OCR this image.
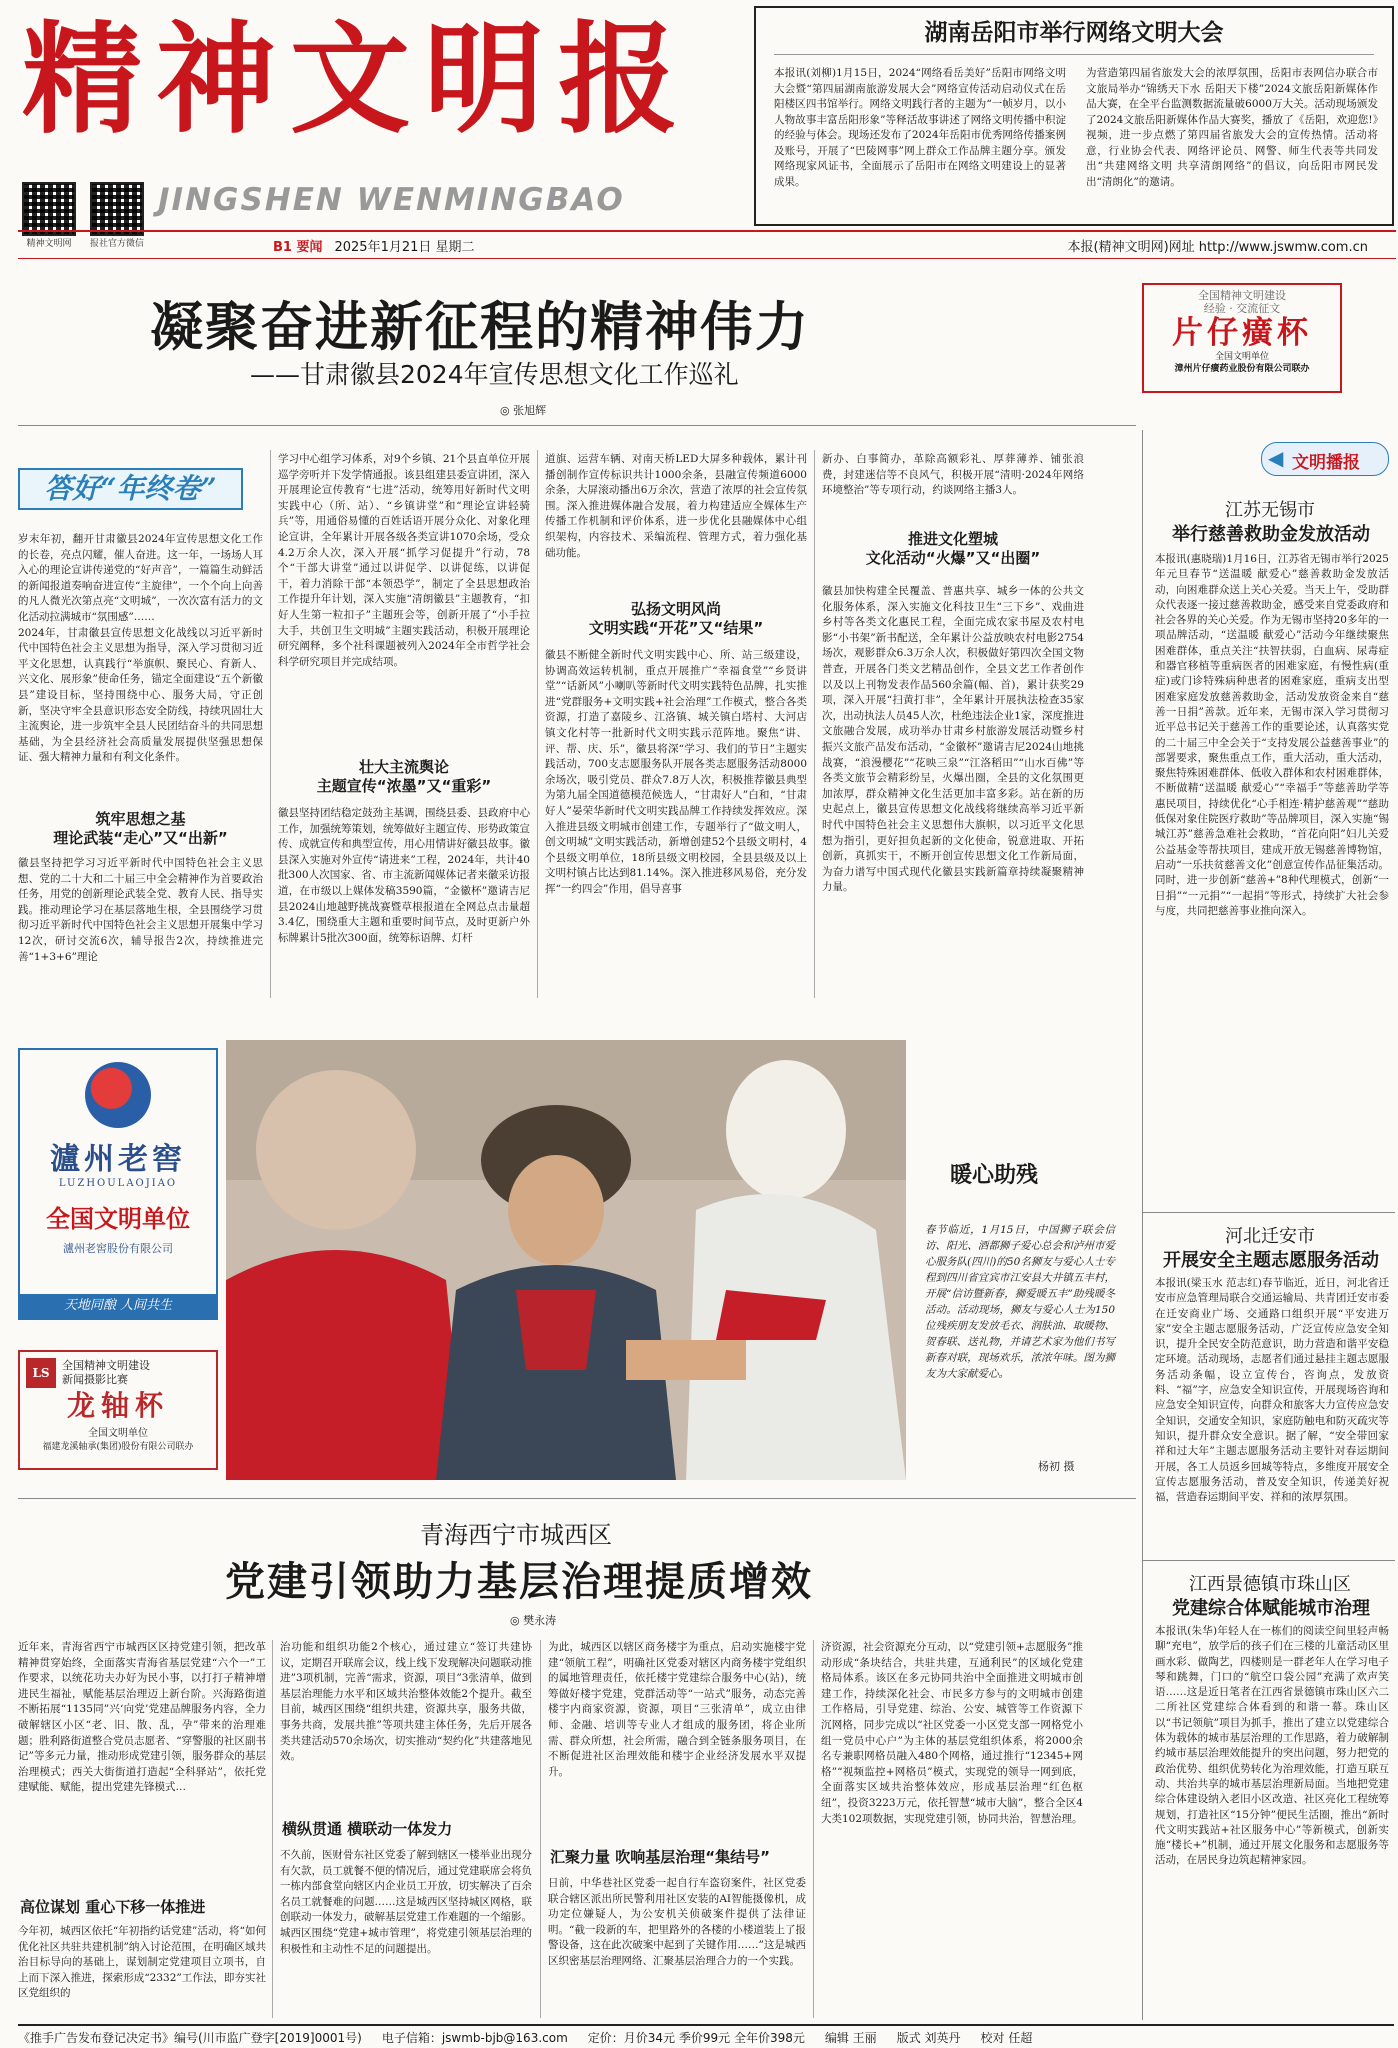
精神文明报
精神文明网	报社官方微信
JINGSHEN WENMINGBAO
湖南岳阳市举行网络文明大会
本报讯(刘柳)1月15日，2024“网络看岳美好”岳阳市网络文明大会暨“第四届湖南旅游发展大会”网络宣传活动启动仪式在岳阳楼区四书馆举行。网络文明践行者的主题为“一帧岁月，以小人物故事丰富岳阳形象”等释活故事讲述了网络文明传播中积淀的经验与体会。现场还发布了2024年岳阳市优秀网络传播案例及账号，开展了“巴陵网事”网上群众工作品牌主题分享。颁发网络现家风证书，全面展示了岳阳市在网络文明建设上的显著成果。
为营造第四届省旅发大会的浓厚氛围，岳阳市表网信办联合市文旅局举办“锦绣天下水 岳阳天下楼”2024文旅岳阳新媒体作品大赛，在全平台监测数据流量破6000万大关。活动现场颁发了2024文旅岳阳新媒体作品大赛奖，播放了《岳阳，欢迎您!》视频，进一步点燃了第四届省旅发大会的宣传热情。活动将意，行业协会代表、网络评论员、网警、师生代表等共同发出“共建网络文明 共享清朗网络”的倡议，向岳阳市网民发出“清朗化”的邀请。
B1 要闻 2025年1月21日 星期二	本报(精神文明网)网址 http://www.jswmw.com.cn
凝聚奋进新征程的精神伟力
——甘肃徽县2024年宣传思想文化工作巡礼
◎ 张旭辉
答好“年终卷”
岁末年初，翻开甘肃徽县2024年宣传思想文化工作的长卷，亮点闪耀，催人奋进。这一年，一场场人耳入心的理论宣讲传递党的“好声音”，一篇篇生动鲜活的新闻报道奏响奋进宣传“主旋律”，一个个向上向善的凡人微光次第点亮“文明城”，一次次富有活力的文化活动拉满城市“氛围感”……
2024年，甘肃徽县宣传思想文化战线以习近平新时代中国特色社会主义思想为指导，深入学习贯彻习近平文化思想，认真践行“举旗帜、聚民心、育新人、兴文化、展形象”使命任务，锚定全面建设“五个新徽县”建设目标，坚持围绕中心、服务大局，守正创新，坚决守牢全县意识形态安全防线，持续巩固壮大主流舆论，进一步筑牢全县人民团结奋斗的共同思想基础，为全县经济社会高质量发展提供坚强思想保证、强大精神力量和有利文化条件。
筑牢思想之基
理论武装“走心”又“出新”
徽县坚持把学习习近平新时代中国特色社会主义思想、党的二十大和二十届三中全会精神作为首要政治任务，用党的创新理论武装全党、教育人民、指导实践。推动理论学习在基层落地生根，全县围绕学习贯彻习近平新时代中国特色社会主义思想开展集中学习12次，研讨交流6次，辅导报告2次，持续推进完善“1+3+6”理论
学习中心组学习体系，对9个乡镇、21个县直单位开展巡学旁听并下发学情通报。该县组建县委宣讲团，深入开展理论宣传教育“七进”活动，统筹用好新时代文明实践中心（所、站）、“乡镇讲堂”和“理论宣讲轻骑兵”等，用通俗易懂的百姓话语开展分众化、对象化理论宣讲，全年累计开展各级各类宣讲1070余场，受众4.2万余人次，深入开展“抓学习促提升”行动，78个“干部大讲堂”通过以讲促学、以讲促练，以讲促干，着力消除干部“本领恐学”，制定了全县思想政治工作提升年计划，深入实施“清朗徽县”主题教育，“扣好人生第一粒扣子”主题班会等，创新开展了“小手拉大手，共创卫生文明城”主题实践活动，积极开展理论研究阐释，多个社科课题被列入2024年全市哲学社会科学研究项目并完成结项。
壮大主流舆论
主题宣传“浓墨”又“重彩”
徽县坚持团结稳定鼓劲主基调，围绕县委、县政府中心工作，加强统筹策划，统筹做好主题宣传、形势政策宣传、成就宣传和典型宣传，用心用情讲好徽县故事。徽县深入实施对外宣传“请进来”工程，2024年，共计40批300人次国家、省、市主流新闻媒体记者来徽采访报道，在市级以上媒体发稿3590篇，“金徽杯”邀请吉尼县2024山地越野挑战赛暨草根报道在全网总点击量超3.4亿，围绕重大主题和重要时间节点，及时更新户外标牌累计5批次300面，统筹标语牌、灯杆
道旗、运营车辆、对南天桥LED大屏多种载体，累计刊播创制作宣传标识共计1000余条，县融宣传频道6000余条，大屏滚动播出6万余次，营造了浓厚的社会宣传氛围。深入推进媒体融合发展，着力构建适应全媒体生产传播工作机制和评价体系，进一步优化县融媒体中心组织架构，内容技术、采编流程、管理方式，着力强化基础功能。
弘扬文明风尚
文明实践“开花”又“结果”
徽县不断健全新时代文明实践中心、所、站三级建设，协调高效运转机制，重点开展推广“幸福食堂”“乡贤讲堂”“话新风”小喇叭等新时代文明实践特色品牌，扎实推进“党群服务+文明实践+社会治理”工作模式，整合各类资源，打造了嘉陵乡、江洛镇、城关镇白塔村、大河店镇文化村等一批新时代文明实践示范阵地。聚焦“讲、评、帮、庆、乐”，徽县将深“学习、我们的节日”主题实践活动，700支志愿服务队开展各类志愿服务活动8000余场次，吸引党员、群众7.8万人次，积极推荐徽县典型为第九届全国道德模范候选人，“甘肃好人”白和，“甘肃好人”晏荣华新时代文明实践品牌工作持续发挥效应。深入推进县级文明城市创建工作，专题举行了“做文明人，创文明城”文明实践活动，新增创建52个县级文明村，4个县级文明单位，18所县级文明校园，全县县级及以上文明村镇占比达到81.14%。深入推进移风易俗，充分发挥“一约四会”作用，倡导喜事
新办、白事简办，革除高额彩礼、厚葬薄养、铺张浪费，封建迷信等不良风气，积极开展“清明·2024年网络环境整治”等专项行动，约谈网络主播3人。
推进文化塑城
文化活动“火爆”又“出圈”
徽县加快构建全民覆盖、普惠共享、城乡一体的公共文化服务体系，深入实施文化科技卫生“三下乡”、戏曲进乡村等各类文化惠民工程，全面完成农家书屋及农村电影“小书架”新书配送，全年累计公益放映农村电影2754场次，观影群众6.3万余人次，积极做好第四次全国文物普查，开展各门类文艺精品创作，全县文艺工作者创作以及以上刊物发表作品560余篇(幅、首)，累计获奖29项，深入开展“扫黄打非”，全年累计开展执法检查35家次，出动执法人员45人次，杜绝违法企业1家，深度推进文旅融合发展，成功举办甘肃乡村旅游发展活动暨乡村振兴文旅产品发布活动，“金徽杯”邀请吉尼2024山地挑战赛，“浪漫樱花”“花映三泉”“江洛稻田”“山水百佛”等各类文旅节会精彩纷呈，火爆出圈，全县的文化氛围更加浓厚，群众精神文化生活更加丰富多彩。站在新的历史起点上，徽县宣传思想文化战线将继续高举习近平新时代中国特色社会主义思想伟大旗帜，以习近平文化思想为指引，更好担负起新的文化使命，锐意进取、开拓创新，真抓实干，不断开创宣传思想文化工作新局面，为奋力谱写中国式现代化徽县实践新篇章持续凝聚精神力量。
全国精神文明建设
经验 · 交流征文
片仔癀杯
全国文明单位
漳州片仔癀药业股份有限公司联办
◀ 文明播报
江苏无锡市
举行慈善救助金发放活动
本报讯(惠晓瑞)1月16日，江苏省无锡市举行2025年元旦春节“送温暖 献爱心”慈善救助金发放活动，向困难群众送上关心关爱。当天上午，受助群众代表逐一接过慈善救助金，感受来自党委政府和社会各界的关心关爱。作为无锡市坚持20多年的一项品牌活动，“送温暖 献爱心”活动今年继续聚焦困难群体，重点关注“扶智扶弱，白血病、尿毒症和器官移植等重病医者的困难家庭，有慢性病(重症)或门诊特殊病种患者的困难家庭，重病支出型困难家庭发放慈善救助金，活动发放资金来自“慈善一日捐”善款。近年来，无锡市深入学习贯彻习近平总书记关于慈善工作的重要论述，认真落实党的二十届三中全会关于“支持发展公益慈善事业”的部署要求，聚焦重点工作，重大活动，重大活动，聚焦特殊困难群体、低收入群体和农村困难群体，不断做精“送温暖 献爱心”“幸福手”等慈善助学等惠民项目，持续优化“心手相连·精护慈善观”“慈助低保对象住院医疗救助”等品牌项目，深入实施“锡城江苏”慈善急难社会救助，“首花向阳”妇儿关爱公益基金等帮扶项目，建成开放无锡慈善博物馆，启动“一乐扶贫慈善文化”创意宣传作品征集活动。同时，进一步创新“慈善+”8种代理模式，创新“一日捐”“一元捐”“一起捐”等形式，持续扩大社会参与度，共同把慈善事业推向深入。
河北迁安市
开展安全主题志愿服务活动
本报讯(梁玉水 范志红)春节临近，近日，河北省迁安市应急管理局联合交通运输局、共青团迁安市委在迁安商业广场、交通路口组织开展“平安进万家”安全主题志愿服务活动，广泛宣传应急安全知识，提升全民安全防范意识，助力营造和谐平安稳定环境。活动现场，志愿者们通过悬挂主题志愿服务活动条幅，设立宣传台，咨询点，发放资料、“福”字，应急安全知识宣传，开展现场咨询和应急安全知识宣传，向群众和旅客大力宣传应急安全知识，交通安全知识，家庭防触电和防灭疏灾等知识，提升群众安全意识。据了解，“安全带回家 祥和过大年”主题志愿服务活动主要针对春运期间开展，各工人员返乡回城等特点，多维度开展安全宣传志愿服务活动，普及安全知识，传递美好祝福，营造春运期间平安、祥和的浓厚氛围。
江西景德镇市珠山区
党建综合体赋能城市治理
本报讯(朱华)年轻人在一栋们的阅读空间里轻声畅聊“充电”，放学后的孩子们在三楼的儿童活动区里画水彩、做陶艺，四楼则是一群老年人在学习电子琴和跳舞，门口的“航空口袋公园”充满了欢声笑语……这是近日笔者在江西省景德镇市珠山区六二二所社区党建综合体看到的和谐一幕。珠山区以“书记领航”项目为抓手，推出了建立以党建综合体为载体的城市基层治理的工作思路，着力破解制约城市基层治理效能提升的突出问题，努力把党的政治优势、组织优势转化为治理效能，打造互联互动、共治共享的城市基层治理新局面。当地把党建综合体建设纳入老旧小区改造、社区亮化工程统筹规划，打造社区“15分钟”便民生活圈，推出“新时代文明实践站+社区服务中心”等新模式，创新实施“楼长+”机制，通过开展文化服务和志愿服务等活动，在居民身边筑起精神家园。
瀘州老窖
LUZHOULAOJIAO
全国文明单位
瀘州老窖股份有限公司
天地同酿 人间共生
LS
全国精神文明建设
新闻摄影比赛
龙轴杯
全国文明单位
福建龙溪轴承(集团)股份有限公司联办
暖心助残
春节临近，1月15日，中国狮子联会信访、阳光、酒都狮子爱心总会和泸州市爱心服务队(四川)的50名狮友与爱心人士专程到四川省宜宾市江安县大井镇五丰村，开展“信访暨新春，狮爱暖五丰”助残暖冬活动。活动现场，狮友与爱心人士为150位残疾朋友发放毛衣、润肤油、取暖物、贺春联、送礼物，并请艺术家为他们书写新春对联，现场欢乐，浓浓年味。图为狮友为大家献爱心。
杨初 摄
青海西宁市城西区
党建引领助力基层治理提质增效
◎ 樊永涛
近年来，青海省西宁市城西区区持党建引领，把改革精神贯穿始终，全面落实青海省基层党建“六个一”工作要求，以统花功夫办好为民小事，以打打子精神增进民生福祉，赋能基层治理迈上新台阶。兴海路街道不断拓展“1135同”兴‘向党’党建品牌服务内容，全力破解辖区小区“老、旧、散、乱，孕”带来的治理难题；胜利路街道整合党员志愿者、“穿警服的社区副书记”等多元力量，推动形成党建引领，服务群众的基层治理模式；西关大街街道打造起“全科驿站”，依托党建赋能、赋能，提出党建先锋模式…
高位谋划 重心下移一体推进
今年初，城西区依托“年初指约话党建”活动，将“如何优化社区共驻共建机制”纳入讨论范围，在明确区域共治目标导向的基础上，谋划制定党建项目立项书，自上而下深入推进，探索形成“2332”工作法，即夯实社区党组织的
治功能和组织功能2个核心，通过建立“签订共建协议，定期召开联席会议，线上线下发现解决问题联动推进”3项机制，完善“需求，资源，项目”3张清单，做到基层治理能力水平和区域共治整体效能2个提升。截至目前，城西区围绕“组织共建，资源共享，服务共做，事务共商，发展共推”等项共建主体任务，先后开展各类共建活动570余场次，切实推动“契约化”共建落地见效。
横纵贯通 横联动一体发力
不久前，医财骨东社区党委了解到辖区一楼举业出现分有欠款，员工就餐不便的情况后，通过党建联席会将负一栋内部食堂向辖区内企业员工开放，切实解决了百余名员工就餐难的问题……这是城西区坚持城区网格，联创联动一体发力，破解基层党建工作难题的一个缩影。城西区围绕“党建+城市管理”，将党建引领基层治理的积极性和主动性不足的问题提出。
为此，城西区以辖区商务楼宇为重点，启动实施楼宇党建“领航工程”，明确社区党委对辖区内商务楼宇党组织的属地管理责任，依托楼宇党建综合服务中心(站)，统筹做好楼宇党建，党群活动等“一站式”服务，动态完善楼宇内商家资源，资源，项目“三张清单”，成立由律师、金融、培训等专业人才组成的服务团，将企业所需、群众所想，社会所需，融合到全链条服务项目，在不断促进社区治理效能和楼宇企业经济发展水平双提升。
汇聚力量 吹响基层治理“集结号”
日前，中华巷社区党委一起自行车盗窃案件，社区党委联合辖区派出所民警利用社区安装的AI智能摄像机，成功定位嫌疑人，为公安机关侦破案件提供了法律证明。“截一段新的车，把里路外的各楼的小楼道装上了报警设备，这在此次破案中起到了关键作用……”这是城西区织密基层治理网络、汇聚基层治理合力的一个实践。
济资源，社会资源充分互动，以“党建引领+志愿服务”推动形成“条块结合，共驻共建，互通利民”的区域化党建格局体系。该区在多元协同共治中全面推进文明城市创建工作，持续深化社会、市民多方参与的文明城市创建工作格局，引导党建、综治、公安、城管等工作资源下沉网格，同步完成以“社区党委一小区党支部一网格党小组一党员中心户”为主体的基层党组织体系，将2000余名专兼职网格员融入480个网格，通过推行“12345+网格”“视频监控+网格员”模式，实现党的领导一网到底，全面落实区域共治整体效应，形成基层治理“红色枢纽”，投资3223万元，依托智慧“城市大脑”，整合全区4大类102项数据，实现党建引领，协同共治，智慧治理。
《推手广告发布登记决定书》编号(川市监广登字[2019]0001号) 电子信箱：jswmb-bjb@163.com 定价：月价34元 季价99元 全年价398元 编辑 王丽 版式 刘英丹 校对 任超
